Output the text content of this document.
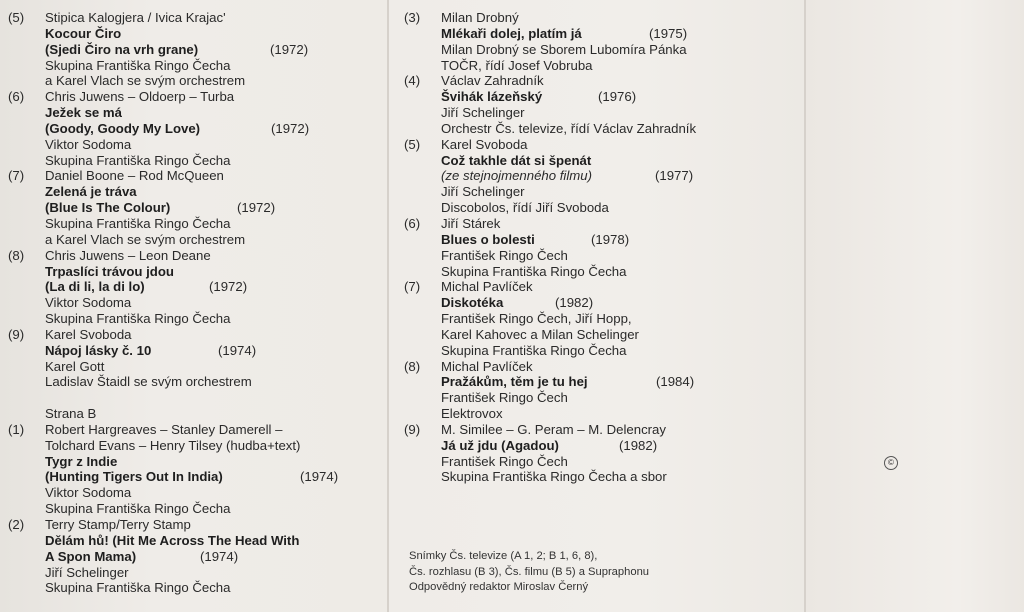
(5) Stipica Kalogjera / Ivica Krajac'
Kocour Čiro
(Sjedi Čiro na vrh grane)	(1972)
Skupina Františka Ringo Čecha
a Karel Vlach se svým orchestrem
(6) Chris Juwens – Oldoerp – Turba
Ježek se má
(Goody, Goody My Love)	(1972)
Viktor Sodoma
Skupina Františka Ringo Čecha
(7) Daniel Boone – Rod McQueen
Zelená je tráva
(Blue Is The Colour)	(1972)
Skupina Františka Ringo Čecha
a Karel Vlach se svým orchestrem
(8) Chris Juwens – Leon Deane
Trpaslíci trávou jdou
(La di li, la di lo)	(1972)
Viktor Sodoma
Skupina Františka Ringo Čecha
(9) Karel Svoboda
Nápoj lásky č. 10	(1974)
Karel Gott
Ladislav Štaidl se svým orchestrem
Strana B
(1) Robert Hargreaves – Stanley Damerell –
Tolchard Evans – Henry Tilsey (hudba+text)
Tygr z Indie
(Hunting Tigers Out In India)	(1974)
Viktor Sodoma
Skupina Františka Ringo Čecha
(2) Terry Stamp/Terry Stamp
Dělám hů! (Hit Me Across The Head With
A Spon Mama)	(1974)
Jiří Schelinger
Skupina Františka Ringo Čecha
(3) Milan Drobný
Mlékaři dolej, platím já	(1975)
Milan Drobný se Sborem Lubomíra Pánka
TOČR, řídí Josef Vobruba
(4) Václav Zahradník
Švihák lázeňský	(1976)
Jiří Schelinger
Orchestr Čs. televize, řídí Václav Zahradník
(5) Karel Svoboda
Což takhle dát si špenát
(ze stejnojmenného filmu)	(1977)
Jiří Schelinger
Discobolos, řídí Jiří Svoboda
(6) Jiří Stárek
Blues o bolesti	(1978)
František Ringo Čech
Skupina Františka Ringo Čecha
(7) Michal Pavlíček
Diskotéka	(1982)
František Ringo Čech, Jiří Hopp,
Karel Kahovec a Milan Schelinger
Skupina Františka Ringo Čecha
(8) Michal Pavlíček
Pražákům, těm je tu hej	(1984)
František Ringo Čech
Elektrovox
(9) M. Similee – G. Peram – M. Delencray
Já už jdu (Agadou)	(1982)
František Ringo Čech
Skupina Františka Ringo Čecha a sbor
Snímky Čs. televize (A 1, 2; B 1, 6, 8),
Čs. rozhlasu (B 3), Čs. filmu (B 5) a Supraphonu
Odpovědný redaktor Miroslav Černý
©
